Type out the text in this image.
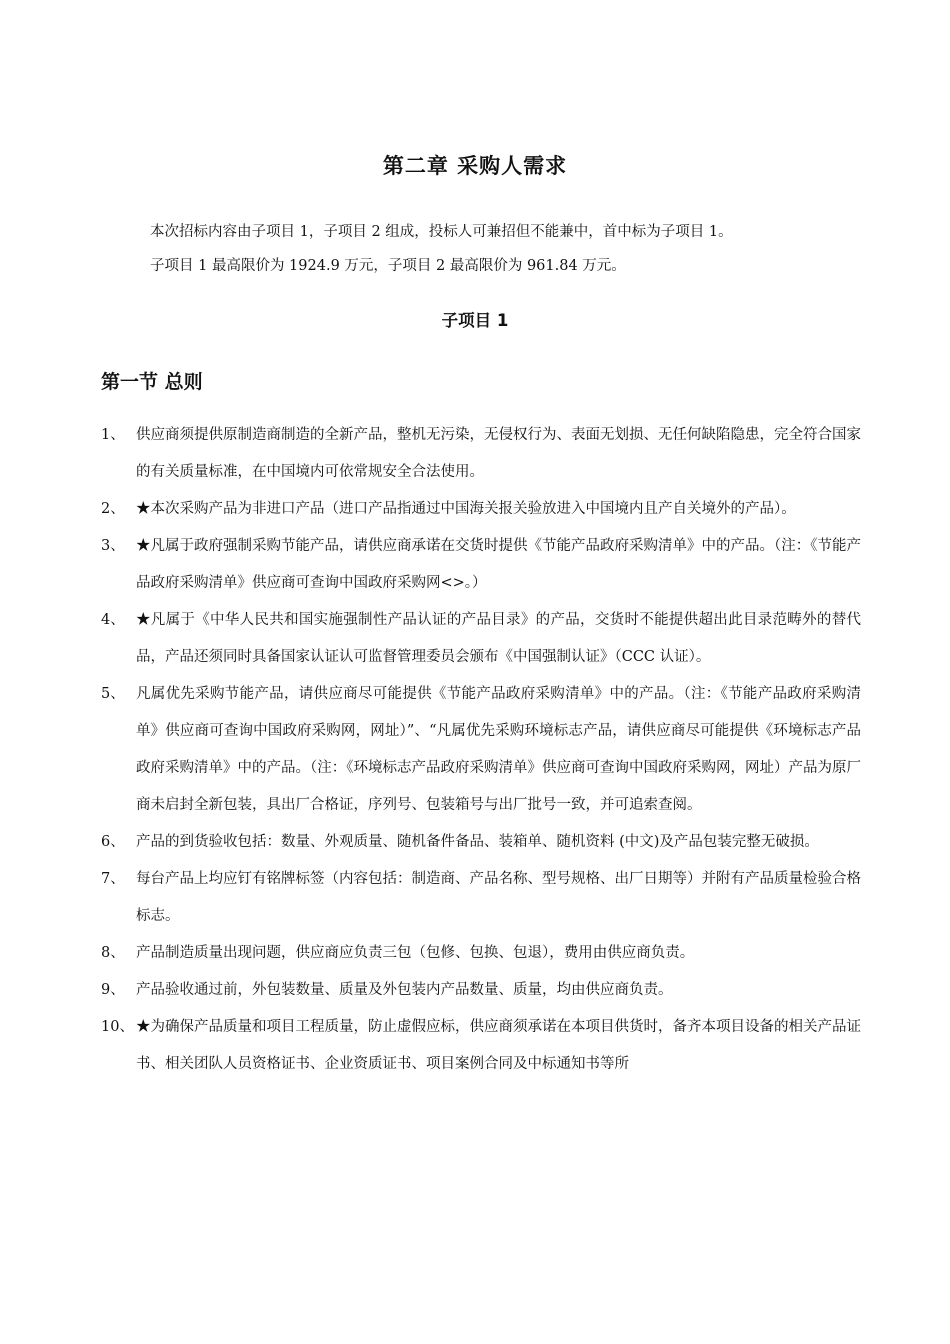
第二章 采购人需求
本次招标内容由子项目 1，子项目 2 组成，投标人可兼招但不能兼中，首中标为子项目 1。
子项目 1 最高限价为 1924.9 万元，子项目 2 最高限价为 961.84 万元。
子项目 1
第一节 总则
1、 供应商须提供原制造商制造的全新产品，整机无污染，无侵权行为、表面无划损、无任何缺陷隐患，完全符合国家的有关质量标准，在中国境内可依常规安全合法使用。
2、 ★本次采购产品为非进口产品（进口产品指通过中国海关报关验放进入中国境内且产自关境外的产品）。
3、 ★凡属于政府强制采购节能产品，请供应商承诺在交货时提供《节能产品政府采购清单》中的产品。（注：《节能产品政府采购清单》供应商可查询中国政府采购网<>。）
4、 ★凡属于《中华人民共和国实施强制性产品认证的产品目录》的产品，交货时不能提供超出此目录范畴外的替代品，产品还须同时具备国家认证认可监督管理委员会颁布《中国强制认证》（CCC 认证）。
5、 凡属优先采购节能产品，请供应商尽可能提供《节能产品政府采购清单》中的产品。（注：《节能产品政府采购清单》供应商可查询中国政府采购网，网址）”、“凡属优先采购环境标志产品，请供应商尽可能提供《环境标志产品政府采购清单》中的产品。（注：《环境标志产品政府采购清单》供应商可查询中国政府采购网，网址）产品为原厂商未启封全新包装，具出厂合格证，序列号、包装箱号与出厂批号一致，并可追索查阅。
6、 产品的到货验收包括：数量、外观质量、随机备件备品、装箱单、随机资料 (中文)及产品包装完整无破损。
7、 每台产品上均应钉有铭牌标签（内容包括：制造商、产品名称、型号规格、出厂日期等）并附有产品质量检验合格标志。
8、 产品制造质量出现问题，供应商应负责三包（包修、包换、包退），费用由供应商负责。
9、 产品验收通过前，外包装数量、质量及外包装内产品数量、质量，均由供应商负责。
10、 ★为确保产品质量和项目工程质量，防止虚假应标，供应商须承诺在本项目供货时，备齐本项目设备的相关产品证书、相关团队人员资格证书、企业资质证书、项目案例合同及中标通知书等所
